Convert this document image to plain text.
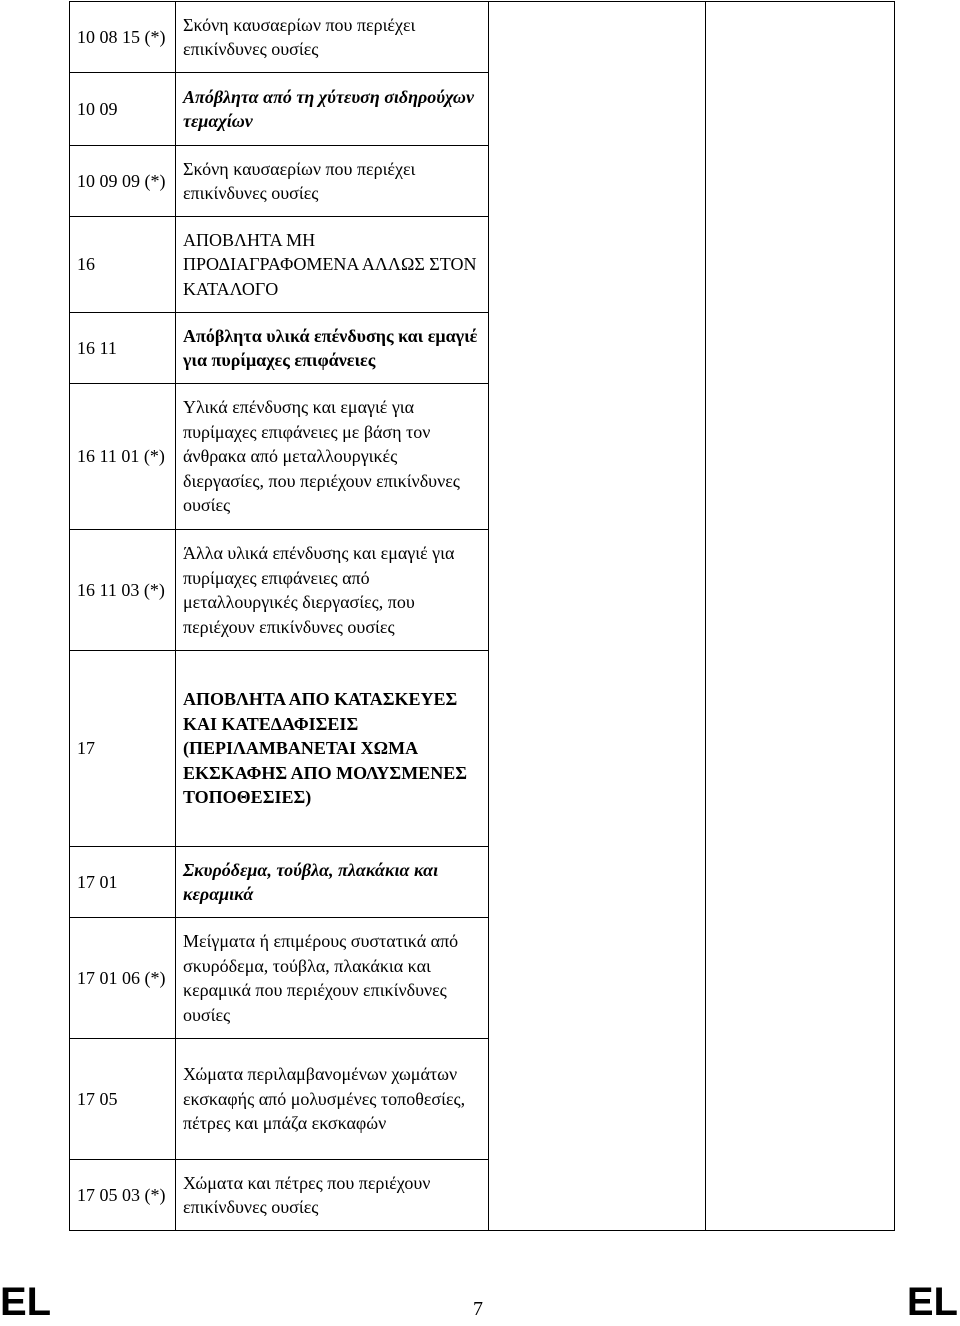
10 08 15 (*)	Σκόνη καυσαερίων που περιέχει επικίνδυνες ουσίες		
10 09	Απόβλητα από τη χύτευση σιδηρούχων τεμαχίων		
10 09 09 (*)	Σκόνη καυσαερίων που περιέχει επικίνδυνες ουσίες		
16	ΑΠΟΒΛΗΤΑ ΜΗ ΠΡΟΔΙΑΓΡΑΦΟΜΕΝΑ ΑΛΛΩΣ ΣΤΟΝ ΚΑΤΑΛΟΓΟ		
16 11	Απόβλητα υλικά επένδυσης και εμαγιέ για πυρίμαχες επιφάνειες		
16 11 01 (*)	Υλικά επένδυσης και εμαγιέ για πυρίμαχες επιφάνειες με βάση τον άνθρακα από μεταλλουργικές διεργασίες, που περιέχουν επικίνδυνες ουσίες		
16 11 03 (*)	Άλλα υλικά επένδυσης και εμαγιέ για πυρίμαχες επιφάνειες από μεταλλουργικές διεργασίες, που περιέχουν επικίνδυνες ουσίες		
17	ΑΠΟΒΛΗΤΑ ΑΠΟ ΚΑΤΑΣΚΕΥΕΣ ΚΑΙ ΚΑΤΕΔΑΦΙΣΕΙΣ (ΠΕΡΙΛΑΜΒΑΝΕΤΑΙ ΧΩΜΑ ΕΚΣΚΑΦΗΣ ΑΠΟ ΜΟΛΥΣΜΕΝΕΣ ΤΟΠΟΘΕΣΙΕΣ)		
17 01	Σκυρόδεμα, τούβλα, πλακάκια και κεραμικά		
17 01 06 (*)	Μείγματα ή επιμέρους συστατικά από σκυρόδεμα, τούβλα, πλακάκια και κεραμικά που περιέχουν επικίνδυνες ουσίες		
17 05	Χώματα περιλαμβανομένων χωμάτων εκσκαφής από μολυσμένες τοποθεσίες, πέτρες και μπάζα εκσκαφών		
17 05 03 (*)	Χώματα και πέτρες που περιέχουν επικίνδυνες ουσίες		
EL	7	EL
